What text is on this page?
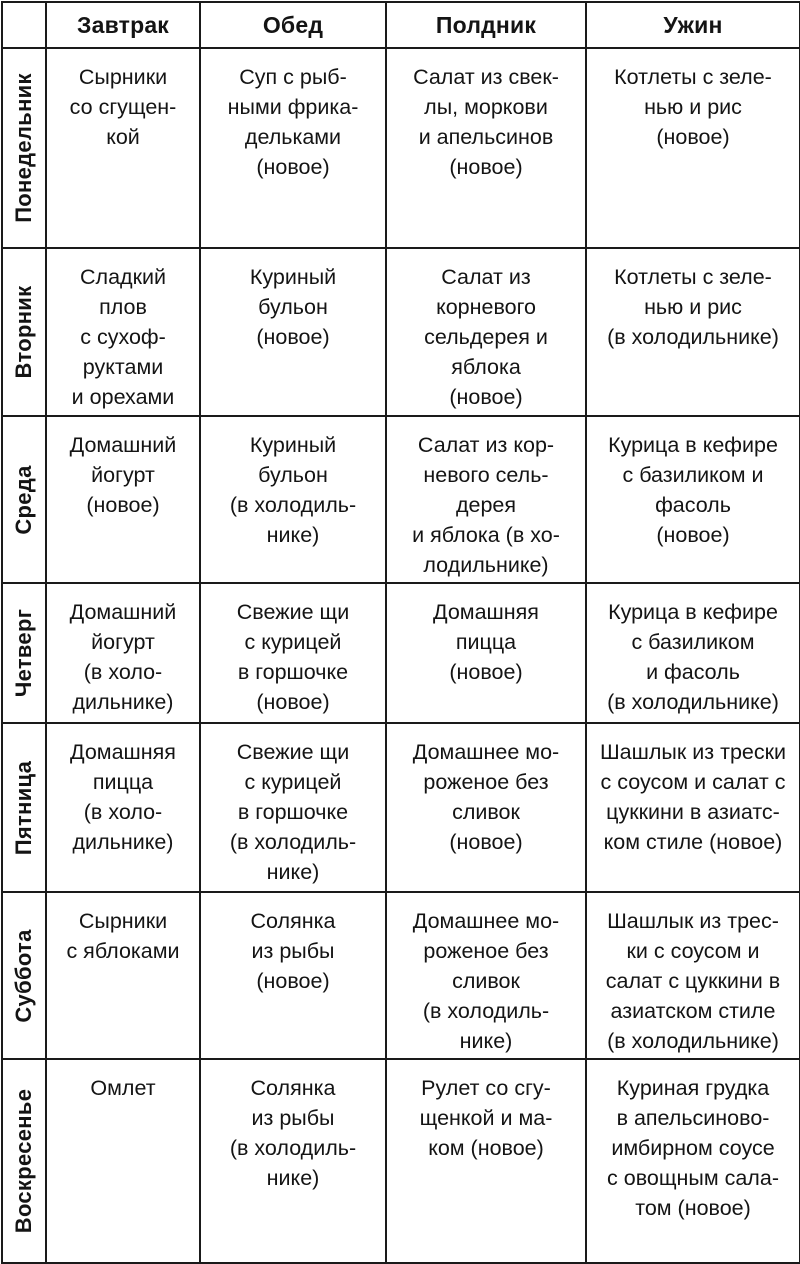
	Завтрак	Обед	Полдник	Ужин

Понедельник	Сырники
со сгущен-
кой	Суп с рыб-
ными фрика-
дельками
(новое)	Салат из свек-
лы, моркови
и апельсинов
(новое)	Котлеты с зеле-
нью и рис
(новое)

Вторник	Сладкий
плов
с сухоф-
руктами
и орехами	Куриный
бульон
(новое)	Салат из
корневого
сельдерея и
яблока
(новое)	Котлеты с зеле-
нью и рис
(в холодильнике)

Среда	Домашний
йогурт
(новое)	Куриный
бульон
(в холодиль-
нике)	Салат из кор-
невого сель-
дерея
и яблока (в хо-
лодильнике)	Курица в кефире
с базиликом и
фасоль
(новое)

Четверг	Домашний
йогурт
(в холо-
дильнике)	Свежие щи
с курицей
в горшочке
(новое)	Домашняя
пицца
(новое)	Курица в кефире
с базиликом
и фасоль
(в холодильнике)

Пятница	Домашняя
пицца
(в холо-
дильнике)	Свежие щи
с курицей
в горшочке
(в холодиль-
нике)	Домашнее мо-
роженое без
сливок
(новое)	Шашлык из трески
с соусом и салат с
цуккини в азиатс-
ком стиле (новое)

Суббота	Сырники
с яблоками	Солянка
из рыбы
(новое)	Домашнее мо-
роженое без
сливок
(в холодиль-
нике)	Шашлык из трес-
ки с соусом и
салат с цуккини в
азиатском стиле
(в холодильнике)

Воскресенье	Омлет	Солянка
из рыбы
(в холодиль-
нике)	Рулет со сгу-
щенкой и ма-
ком (новое)	Куриная грудка
в апельсиново-
имбирном соусе
с овощным сала-
том (новое)
